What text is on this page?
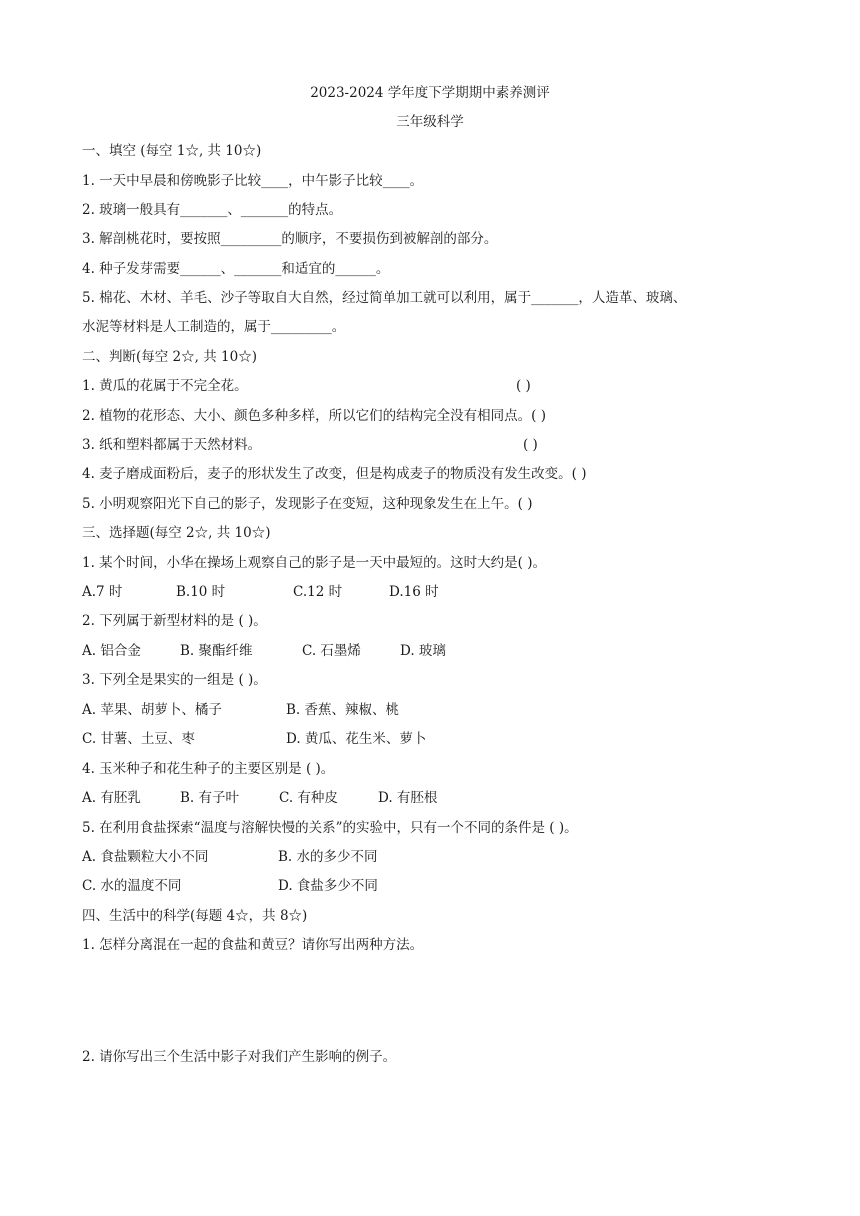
2023-2024 学年度下学期期中素养测评
三年级科学
一、填空 (每空 1☆, 共 10☆)
1. 一天中早晨和傍晚影子比较____，中午影子比较____。
2. 玻璃一般具有_______、_______的特点。
3. 解剖桃花时，要按照_________的顺序，不要损伤到被解剖的部分。
4. 种子发芽需要______、_______和适宜的______。
5. 棉花、木材、羊毛、沙子等取自大自然，经过简单加工就可以利用，属于_______，人造革、玻璃、
水泥等材料是人工制造的，属于_________。
二、判断(每空 2☆, 共 10☆)
1. 黄瓜的花属于不完全花。	( )
2. 植物的花形态、大小、颜色多种多样，所以它们的结构完全没有相同点。( )
3. 纸和塑料都属于天然材料。	( )
4. 麦子磨成面粉后，麦子的形状发生了改变，但是构成麦子的物质没有发生改变。( )
5. 小明观察阳光下自己的影子，发现影子在变短，这种现象发生在上午。( )
三、选择题(每空 2☆, 共 10☆)
1. 某个时间，小华在操场上观察自己的影子是一天中最短的。这时大约是( )。
A.7 时	B.10 时	C.12 时	D.16 时
2. 下列属于新型材料的是 ( )。
A. 铝合金	B. 聚酯纤维	C. 石墨烯	D. 玻璃
3. 下列全是果实的一组是 ( )。
A. 苹果、胡萝卜、橘子	B. 香蕉、辣椒、桃
C. 甘薯、土豆、枣	D. 黄瓜、花生米、萝卜
4. 玉米种子和花生种子的主要区别是 ( )。
A. 有胚乳	B. 有子叶	C. 有种皮	D. 有胚根
5. 在利用食盐探索“温度与溶解快慢的关系”的实验中，只有一个不同的条件是 ( )。
A. 食盐颗粒大小不同	B. 水的多少不同
C. 水的温度不同	D. 食盐多少不同
四、生活中的科学(每题 4☆，共 8☆)
1. 怎样分离混在一起的食盐和黄豆？请你写出两种方法。
2. 请你写出三个生活中影子对我们产生影响的例子。
